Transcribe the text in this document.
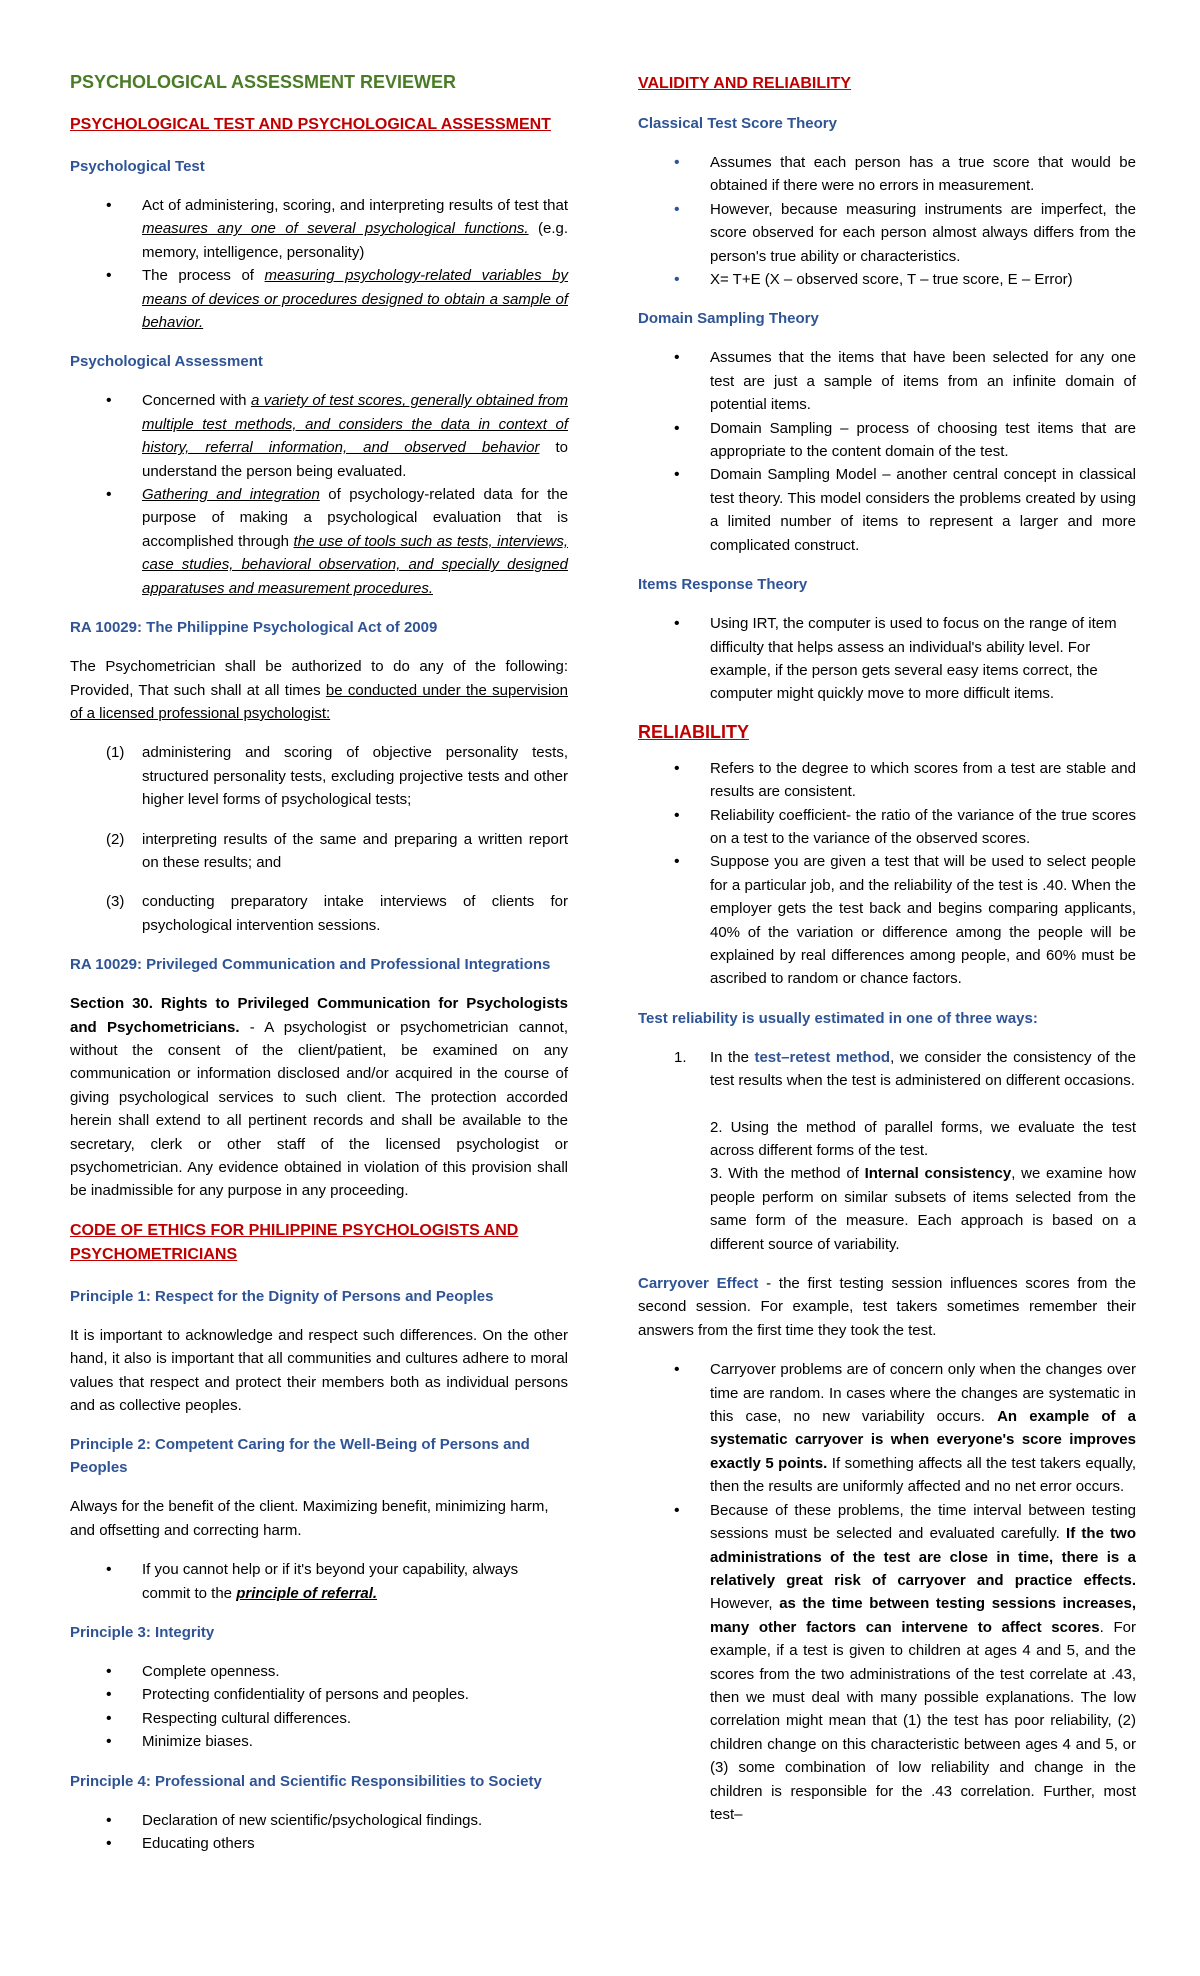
PSYCHOLOGICAL ASSESSMENT REVIEWER
PSYCHOLOGICAL TEST AND PSYCHOLOGICAL ASSESSMENT
Psychological Test
• Act of administering, scoring, and interpreting results of test that measures any one of several psychological functions. (e.g. memory, intelligence, personality)
• The process of measuring psychology-related variables by means of devices or procedures designed to obtain a sample of behavior.
Psychological Assessment
• Concerned with a variety of test scores, generally obtained from multiple test methods, and considers the data in context of history, referral information, and observed behavior to understand the person being evaluated.
• Gathering and integration of psychology-related data for the purpose of making a psychological evaluation that is accomplished through the use of tools such as tests, interviews, case studies, behavioral observation, and specially designed apparatuses and measurement procedures.
RA 10029: The Philippine Psychological Act of 2009

The Psychometrician shall be authorized to do any of the following: Provided, That such shall at all times be conducted under the supervision of a licensed professional psychologist:

(1) administering and scoring of objective personality tests, structured personality tests, excluding projective tests and other higher level forms of psychological tests;
(2) interpreting results of the same and preparing a written report on these results; and
(3) conducting preparatory intake interviews of clients for psychological intervention sessions.
RA 10029: Privileged Communication and Professional Integrations

Section 30. Rights to Privileged Communication for Psychologists and Psychometricians. - A psychologist or psychometrician cannot, without the consent of the client/patient, be examined on any communication or information disclosed and/or acquired in the course of giving psychological services to such client. The protection accorded herein shall extend to all pertinent records and shall be available to the secretary, clerk or other staff of the licensed psychologist or psychometrician. Any evidence obtained in violation of this provision shall be inadmissible for any purpose in any proceeding.

CODE OF ETHICS FOR PHILIPPINE PSYCHOLOGISTS AND PSYCHOMETRICIANS
Principle 1: Respect for the Dignity of Persons and Peoples

It is important to acknowledge and respect such differences. On the other hand, it also is important that all communities and cultures adhere to moral values that respect and protect their members both as individual persons and as collective peoples.

Principle 2: Competent Caring for the Well-Being of Persons and Peoples

Always for the benefit of the client. Maximizing benefit, minimizing harm, and offsetting and correcting harm.

• If you cannot help or if it's beyond your capability, always commit to the principle of referral.
Principle 3: Integrity
• Complete openness.
• Protecting confidentiality of persons and peoples.
• Respecting cultural differences.
• Minimize biases.
Principle 4: Professional and Scientific Responsibilities to Society
• Declaration of new scientific/psychological findings.
• Educating others
VALIDITY AND RELIABILITY
Classical Test Score Theory
• Assumes that each person has a true score that would be obtained if there were no errors in measurement.
• However, because measuring instruments are imperfect, the score observed for each person almost always differs from the person's true ability or characteristics.
• X= T+E (X – observed score, T – true score, E – Error)
Domain Sampling Theory
• Assumes that the items that have been selected for any one test are just a sample of items from an infinite domain of potential items.
• Domain Sampling – process of choosing test items that are appropriate to the content domain of the test.
• Domain Sampling Model – another central concept in classical test theory. This model considers the problems created by using a limited number of items to represent a larger and more complicated construct.
Items Response Theory
• Using IRT, the computer is used to focus on the range of item difficulty that helps assess an individual's ability level. For example, if the person gets several easy items correct, the computer might quickly move to more difficult items.
RELIABILITY
• Refers to the degree to which scores from a test are stable and results are consistent.
• Reliability coefficient- the ratio of the variance of the true scores on a test to the variance of the observed scores.
• Suppose you are given a test that will be used to select people for a particular job, and the reliability of the test is .40. When the employer gets the test back and begins comparing applicants, 40% of the variation or difference among the people will be explained by real differences among people, and 60% must be ascribed to random or chance factors.
Test reliability is usually estimated in one of three ways:
1. In the test–retest method, we consider the consistency of the test results when the test is administered on different occasions.
2. Using the method of parallel forms, we evaluate the test across different forms of the test.
3. With the method of Internal consistency, we examine how people perform on similar subsets of items selected from the same form of the measure. Each approach is based on a different source of variability.

Carryover Effect - the first testing session influences scores from the second session. For example, test takers sometimes remember their answers from the first time they took the test.

• Carryover problems are of concern only when the changes over time are random. In cases where the changes are systematic in this case, no new variability occurs. An example of a systematic carryover is when everyone's score improves exactly 5 points. If something affects all the test takers equally, then the results are uniformly affected and no net error occurs.
• Because of these problems, the time interval between testing sessions must be selected and evaluated carefully. If the two administrations of the test are close in time, there is a relatively great risk of carryover and practice effects. However, as the time between testing sessions increases, many other factors can intervene to affect scores. For example, if a test is given to children at ages 4 and 5, and the scores from the two administrations of the test correlate at .43, then we must deal with many possible explanations. The low correlation might mean that (1) the test has poor reliability, (2) children change on this characteristic between ages 4 and 5, or (3) some combination of low reliability and change in the children is responsible for the .43 correlation. Further, most test–
